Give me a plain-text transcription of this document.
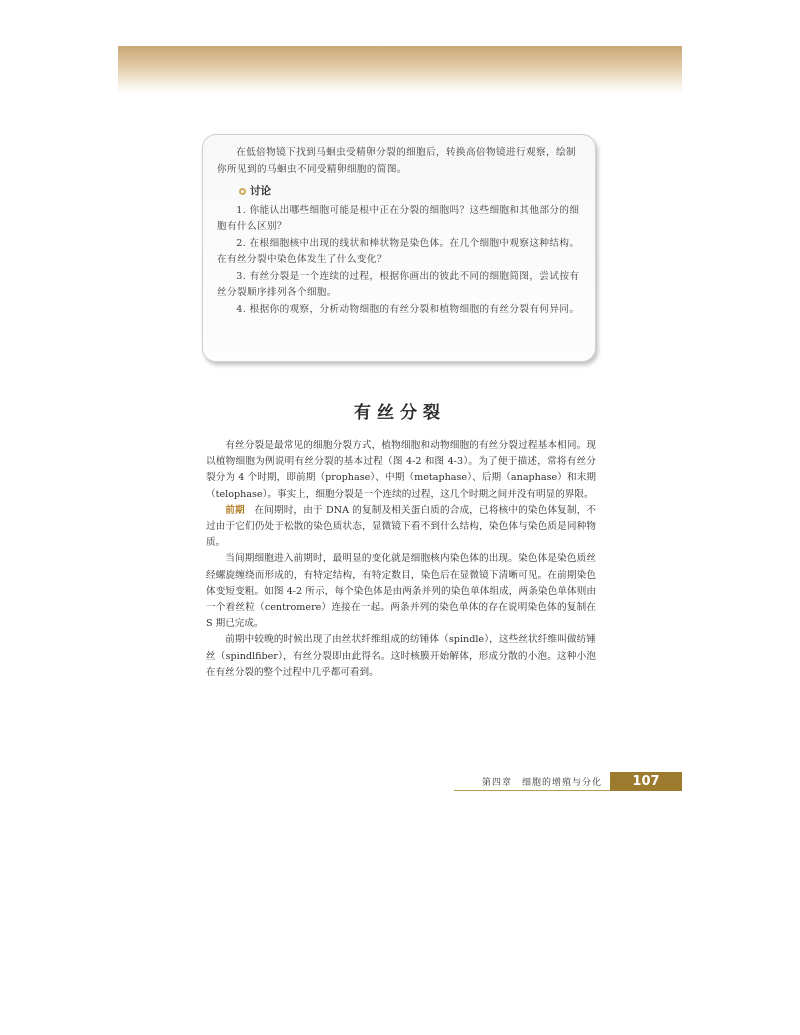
在低倍物镜下找到马蛔虫受精卵分裂的细胞后，转换高倍物镜进行观察，绘制你所见到的马蛔虫不同受精卵细胞的简图。

讨论

1. 你能认出哪些细胞可能是根中正在分裂的细胞吗？这些细胞和其他部分的细胞有什么区别？

2. 在根细胞核中出现的线状和棒状物是染色体。在几个细胞中观察这种结构。在有丝分裂中染色体发生了什么变化？

3. 有丝分裂是一个连续的过程，根据你画出的彼此不同的细胞简图，尝试按有丝分裂顺序排列各个细胞。

4. 根据你的观察，分析动物细胞的有丝分裂和植物细胞的有丝分裂有何异同。

有丝分裂

有丝分裂是最常见的细胞分裂方式，植物细胞和动物细胞的有丝分裂过程基本相同。现以植物细胞为例说明有丝分裂的基本过程（图 4-2 和图 4-3）。为了便于描述，常将有丝分裂分为 4 个时期，即前期（prophase）、中期（metaphase）、后期（anaphase）和末期（telophase）。事实上，细胞分裂是一个连续的过程，这几个时期之间并没有明显的界限。

前期　在间期时，由于 DNA 的复制及相关蛋白质的合成，已将核中的染色体复制，不过由于它们仍处于松散的染色质状态，显微镜下看不到什么结构，染色体与染色质是同种物质。

当间期细胞进入前期时，最明显的变化就是细胞核内染色体的出现。染色体是染色质丝经螺旋缠绕而形成的，有特定结构，有特定数目，染色后在显微镜下清晰可见。在前期染色体变短变粗。如图 4-2 所示，每个染色体是由两条并列的染色单体组成，两条染色单体则由一个着丝粒（centromere）连接在一起。两条并列的染色单体的存在说明染色体的复制在 S 期已完成。

前期中较晚的时候出现了由丝状纤维组成的纺锤体（spindle），这些丝状纤维叫做纺锤丝（spindlfiber），有丝分裂即由此得名。这时核膜开始解体，形成分散的小泡。这种小泡在有丝分裂的整个过程中几乎都可看到。

第四章　细胞的增殖与分化	107
